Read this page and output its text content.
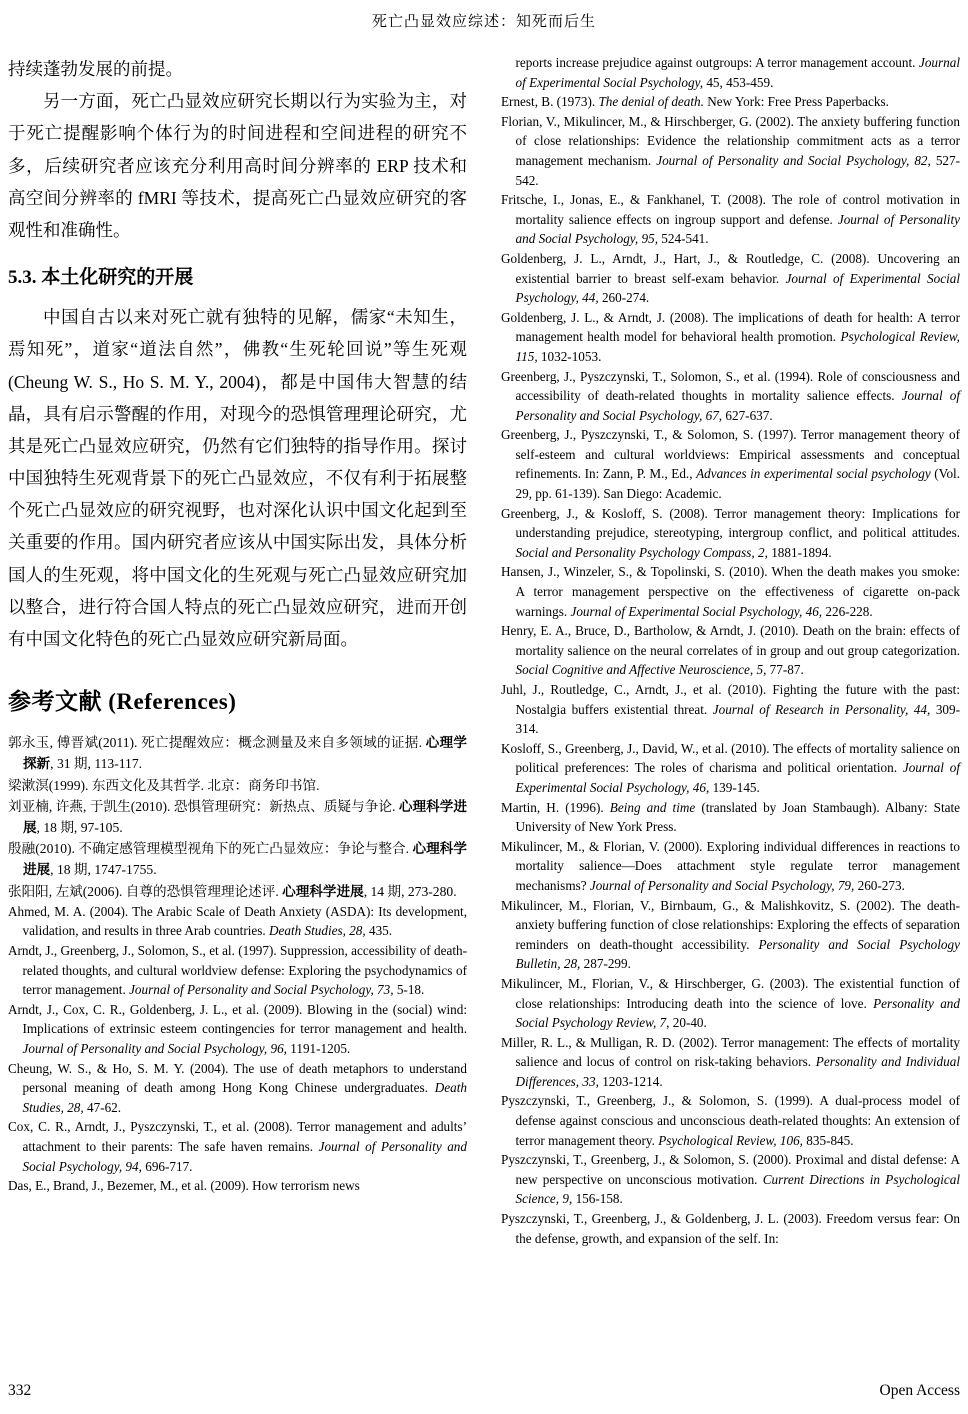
死亡凸显效应综述：知死而后生

持续蓬勃发展的前提。

另一方面，死亡凸显效应研究长期以行为实验为主，对于死亡提醒影响个体行为的时间进程和空间进程的研究不多，后续研究者应该充分利用高时间分辨率的 ERP 技术和高空间分辨率的 fMRI 等技术，提高死亡凸显效应研究的客观性和准确性。

5.3. 本土化研究的开展

中国自古以来对死亡就有独特的见解，儒家“未知生，焉知死”，道家“道法自然”，佛教“生死轮回说”等生死观(Cheung W. S., Ho S. M. Y., 2004)，都是中国伟大智慧的结晶，具有启示警醒的作用，对现今的恐惧管理理论研究，尤其是死亡凸显效应研究，仍然有它们独特的指导作用。探讨中国独特生死观背景下的死亡凸显效应，不仅有利于拓展整个死亡凸显效应的研究视野，也对深化认识中国文化起到至关重要的作用。国内研究者应该从中国实际出发，具体分析国人的生死观，将中国文化的生死观与死亡凸显效应研究加以整合，进行符合国人特点的死亡凸显效应研究，进而开创有中国文化特色的死亡凸显效应研究新局面。

参考文献 (References)
郭永玉, 傅晋斌(2011). 死亡提醒效应：概念测量及来自多领域的证据. 心理学探新, 31 期, 113-117.
梁漱溟(1999). 东西文化及其哲学. 北京：商务印书馆.
刘亚楠, 许燕, 于凯生(2010). 恐惧管理研究：新热点、质疑与争论. 心理科学进展, 18 期, 97-105.
殷融(2010). 不确定感管理模型视角下的死亡凸显效应：争论与整合. 心理科学进展, 18 期, 1747-1755.
张阳阳, 左斌(2006). 自尊的恐惧管理理论述评. 心理科学进展, 14 期, 273-280.
Ahmed, M. A. (2004). The Arabic Scale of Death Anxiety (ASDA): Its development, validation, and results in three Arab countries. Death Studies, 28, 435.
Arndt, J., Greenberg, J., Solomon, S., et al. (1997). Suppression, accessibility of death-related thoughts, and cultural worldview defense: Exploring the psychodynamics of terror management. Journal of Personality and Social Psychology, 73, 5-18.
Arndt, J., Cox, C. R., Goldenberg, J. L., et al. (2009). Blowing in the (social) wind: Implications of extrinsic esteem contingencies for terror management and health. Journal of Personality and Social Psychology, 96, 1191-1205.
Cheung, W. S., & Ho, S. M. Y. (2004). The use of death metaphors to understand personal meaning of death among Hong Kong Chinese undergraduates. Death Studies, 28, 47-62.
Cox, C. R., Arndt, J., Pyszczynski, T., et al. (2008). Terror management and adults’ attachment to their parents: The safe haven remains. Journal of Personality and Social Psychology, 94, 696-717.
Das, E., Brand, J., Bezemer, M., et al. (2009). How terrorism news
reports increase prejudice against outgroups: A terror management account. Journal of Experimental Social Psychology, 45, 453-459.
Ernest, B. (1973). The denial of death. New York: Free Press Paperbacks.
Florian, V., Mikulincer, M., & Hirschberger, G. (2002). The anxiety buffering function of close relationships: Evidence the relationship commitment acts as a terror management mechanism. Journal of Personality and Social Psychology, 82, 527-542.
Fritsche, I., Jonas, E., & Fankhanel, T. (2008). The role of control motivation in mortality salience effects on ingroup support and defense. Journal of Personality and Social Psychology, 95, 524-541.
Goldenberg, J. L., Arndt, J., Hart, J., & Routledge, C. (2008). Uncovering an existential barrier to breast self-exam behavior. Journal of Experimental Social Psychology, 44, 260-274.
Goldenberg, J. L., & Arndt, J. (2008). The implications of death for health: A terror management health model for behavioral health promotion. Psychological Review, 115, 1032-1053.
Greenberg, J., Pyszczynski, T., Solomon, S., et al. (1994). Role of consciousness and accessibility of death-related thoughts in mortality salience effects. Journal of Personality and Social Psychology, 67, 627-637.
Greenberg, J., Pyszczynski, T., & Solomon, S. (1997). Terror management theory of self-esteem and cultural worldviews: Empirical assessments and conceptual refinements. In: Zann, P. M., Ed., Advances in experimental social psychology (Vol. 29, pp. 61-139). San Diego: Academic.
Greenberg, J., & Kosloff, S. (2008). Terror management theory: Implications for understanding prejudice, stereotyping, intergroup conflict, and political attitudes. Social and Personality Psychology Compass, 2, 1881-1894.
Hansen, J., Winzeler, S., & Topolinski, S. (2010). When the death makes you smoke: A terror management perspective on the effectiveness of cigarette on-pack warnings. Journal of Experimental Social Psychology, 46, 226-228.
Henry, E. A., Bruce, D., Bartholow, & Arndt, J. (2010). Death on the brain: effects of mortality salience on the neural correlates of in group and out group categorization. Social Cognitive and Affective Neuroscience, 5, 77-87.
Juhl, J., Routledge, C., Arndt, J., et al. (2010). Fighting the future with the past: Nostalgia buffers existential threat. Journal of Research in Personality, 44, 309-314.
Kosloff, S., Greenberg, J., David, W., et al. (2010). The effects of mortality salience on political preferences: The roles of charisma and political orientation. Journal of Experimental Social Psychology, 46, 139-145.
Martin, H. (1996). Being and time (translated by Joan Stambaugh). Albany: State University of New York Press.
Mikulincer, M., & Florian, V. (2000). Exploring individual differences in reactions to mortality salience—Does attachment style regulate terror management mechanisms? Journal of Personality and Social Psychology, 79, 260-273.
Mikulincer, M., Florian, V., Birnbaum, G., & Malishkovitz, S. (2002). The death-anxiety buffering function of close relationships: Exploring the effects of separation reminders on death-thought accessibility. Personality and Social Psychology Bulletin, 28, 287-299.
Mikulincer, M., Florian, V., & Hirschberger, G. (2003). The existential function of close relationships: Introducing death into the science of love. Personality and Social Psychology Review, 7, 20-40.
Miller, R. L., & Mulligan, R. D. (2002). Terror management: The effects of mortality salience and locus of control on risk-taking behaviors. Personality and Individual Differences, 33, 1203-1214.
Pyszczynski, T., Greenberg, J., & Solomon, S. (1999). A dual-process model of defense against conscious and unconscious death-related thoughts: An extension of terror management theory. Psychological Review, 106, 835-845.
Pyszczynski, T., Greenberg, J., & Solomon, S. (2000). Proximal and distal defense: A new perspective on unconscious motivation. Current Directions in Psychological Science, 9, 156-158.
Pyszczynski, T., Greenberg, J., & Goldenberg, J. L. (2003). Freedom versus fear: On the defense, growth, and expansion of the self. In:
332	Open Access
